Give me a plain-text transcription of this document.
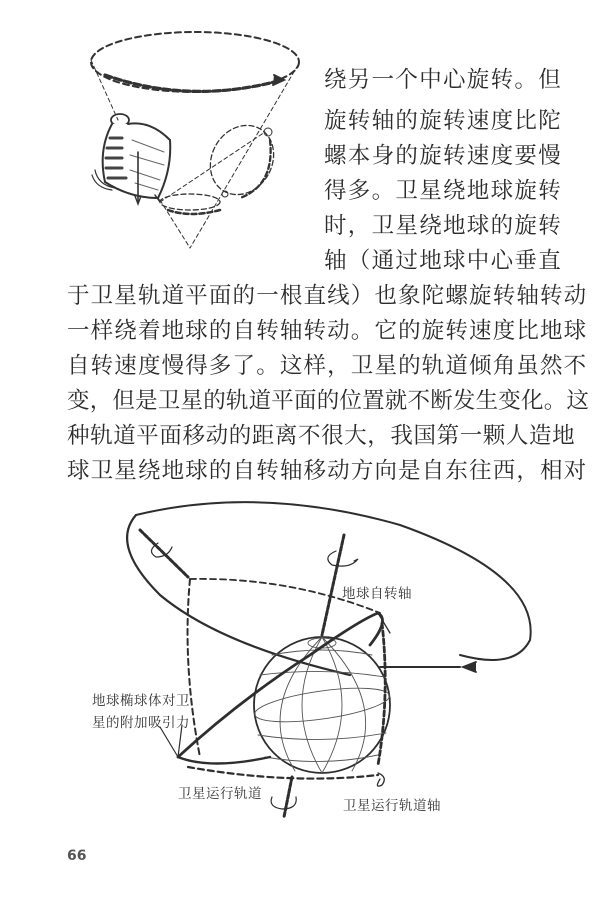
绕另一个中心旋转。但
旋转轴的旋转速度比陀
螺本身的旋转速度要慢
得多。卫星绕地球旋转
时，卫星绕地球的旋转
轴（通过地球中心垂直
于卫星轨道平面的一根直线）也象陀螺旋转轴转动
一样绕着地球的自转轴转动。它的旋转速度比地球
自转速度慢得多了。这样，卫星的轨道倾角虽然不
变，但是卫星的轨道平面的位置就不断发生变化。这
种轨道平面移动的距离不很大，我国第一颗人造地
球卫星绕地球的自转轴移动方向是自东往西，相对
地球自转轴
地球椭球体对卫
星的附加吸引力
卫星运行轨道
卫星运行轨道轴
66
